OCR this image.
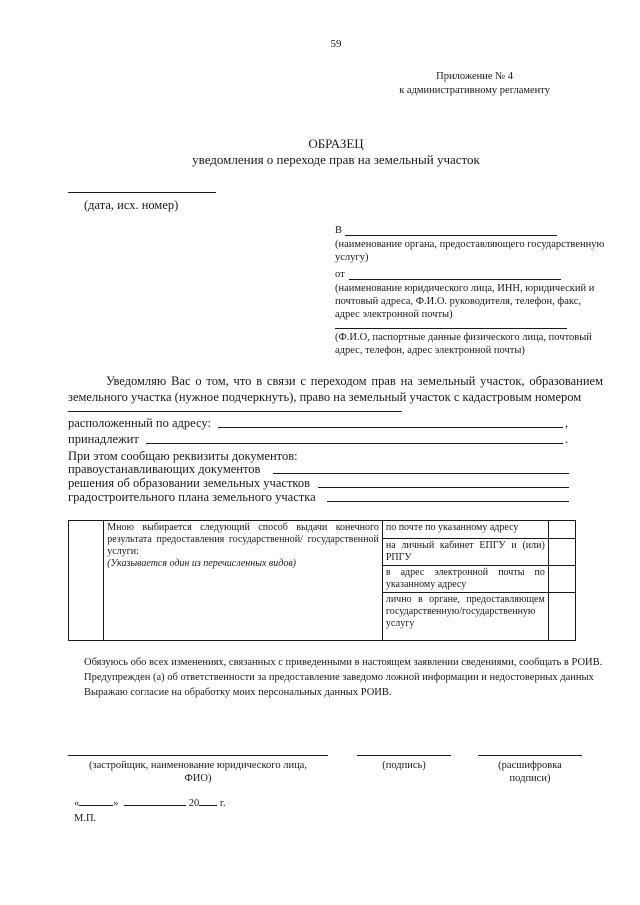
59
Приложение № 4
к административному регламенту
ОБРАЗЕЦ
уведомления о переходе прав на земельный участок
(дата, исх. номер)
В
(наименование органа, предоставляющего государственную услугу)
от
(наименование юридического лица, ИНН, юридический и почтовый адреса, Ф.И.О. руководителя, телефон, факс, адрес электронной почты)
(Ф.И.О, паспортные данные физического лица, почтовый адрес, телефон, адрес электронной почты)
Уведомляю Вас о том, что в связи с переходом прав на земельный участок, образованием земельного участка (нужное подчеркнуть), право на земельный участок с кадастровым номером
расположенный по адресу:	,
принадлежит	.
При этом сообщаю реквизиты документов:
правоустанавливающих документов
решения об образовании земельных участков
градостроительного плана земельного участка
	Мною выбирается следующий способ выдачи конечного результата предоставления государственной/ государственной услуги:
(Указывается один из перечисленных видов)	по почте по указанному адресу	
		на личный кабинет ЕПГУ и (или) РПГУ	
		в адрес электронной почты по указанному адресу	
		лично в органе, предоставляющем государственную/государственную услугу	

Обязуюсь обо всех изменениях, связанных с приведенными в настоящем заявлении сведениями, сообщать в РОИВ.

Предупрежден (а) об ответственности за предоставление заведомо ложной информации и недостоверных данных

Выражаю согласие на обработку моих персональных данных РОИВ.

(застройщик, наименование юридического лица, ФИО)
(подпись)	(расшифровка подписи)
«	»	20 г.
М.П.
